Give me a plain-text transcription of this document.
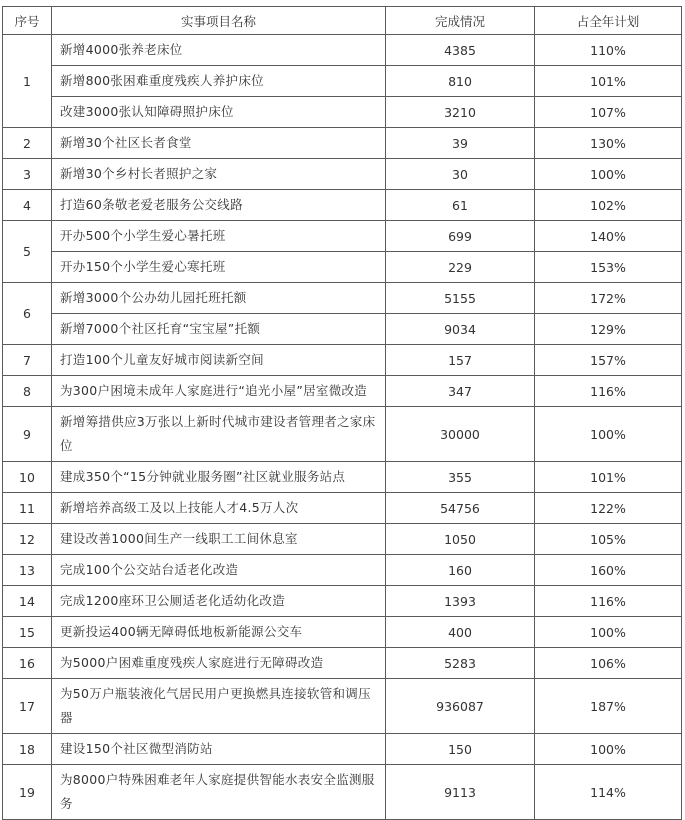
序号	实事项目名称	完成情况	占全年计划
1	新增4000张养老床位	4385	110%
	新增800张困难重度残疾人养护床位	810	101%
	改建3000张认知障碍照护床位	3210	107%
2	新增30个社区长者食堂	39	130%
3	新增30个乡村长者照护之家	30	100%
4	打造60条敬老爱老服务公交线路	61	102%
5	开办500个小学生爱心暑托班	699	140%
	开办150个小学生爱心寒托班	229	153%
6	新增3000个公办幼儿园托班托额	5155	172%
	新增7000个社区托育“宝宝屋”托额	9034	129%
7	打造100个儿童友好城市阅读新空间	157	157%
8	为300户困境未成年人家庭进行“追光小屋”居室微改造	347	116%
9	新增筹措供应3万张以上新时代城市建设者管理者之家床位	30000	100%
10	建成350个“15分钟就业服务圈”社区就业服务站点	355	101%
11	新增培养高级工及以上技能人才4.5万人次	54756	122%
12	建设改善1000间生产一线职工工间休息室	1050	105%
13	完成100个公交站台适老化改造	160	160%
14	完成1200座环卫公厕适老化适幼化改造	1393	116%
15	更新投运400辆无障碍低地板新能源公交车	400	100%
16	为5000户困难重度残疾人家庭进行无障碍改造	5283	106%
17	为50万户瓶装液化气居民用户更换燃具连接软管和调压器	936087	187%
18	建设150个社区微型消防站	150	100%
19	为8000户特殊困难老年人家庭提供智能水表安全监测服务	9113	114%
